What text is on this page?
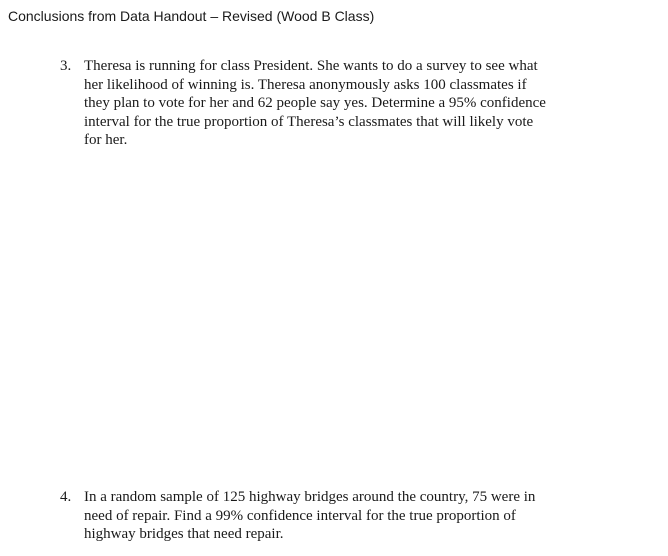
Conclusions from Data Handout – Revised (Wood B Class)
3. Theresa is running for class President. She wants to do a survey to see what
her likelihood of winning is. Theresa anonymously asks 100 classmates if
they plan to vote for her and 62 people say yes. Determine a 95% confidence
interval for the true proportion of Theresa’s classmates that will likely vote
for her.
4. In a random sample of 125 highway bridges around the country, 75 were in
need of repair. Find a 99% confidence interval for the true proportion of
highway bridges that need repair.
